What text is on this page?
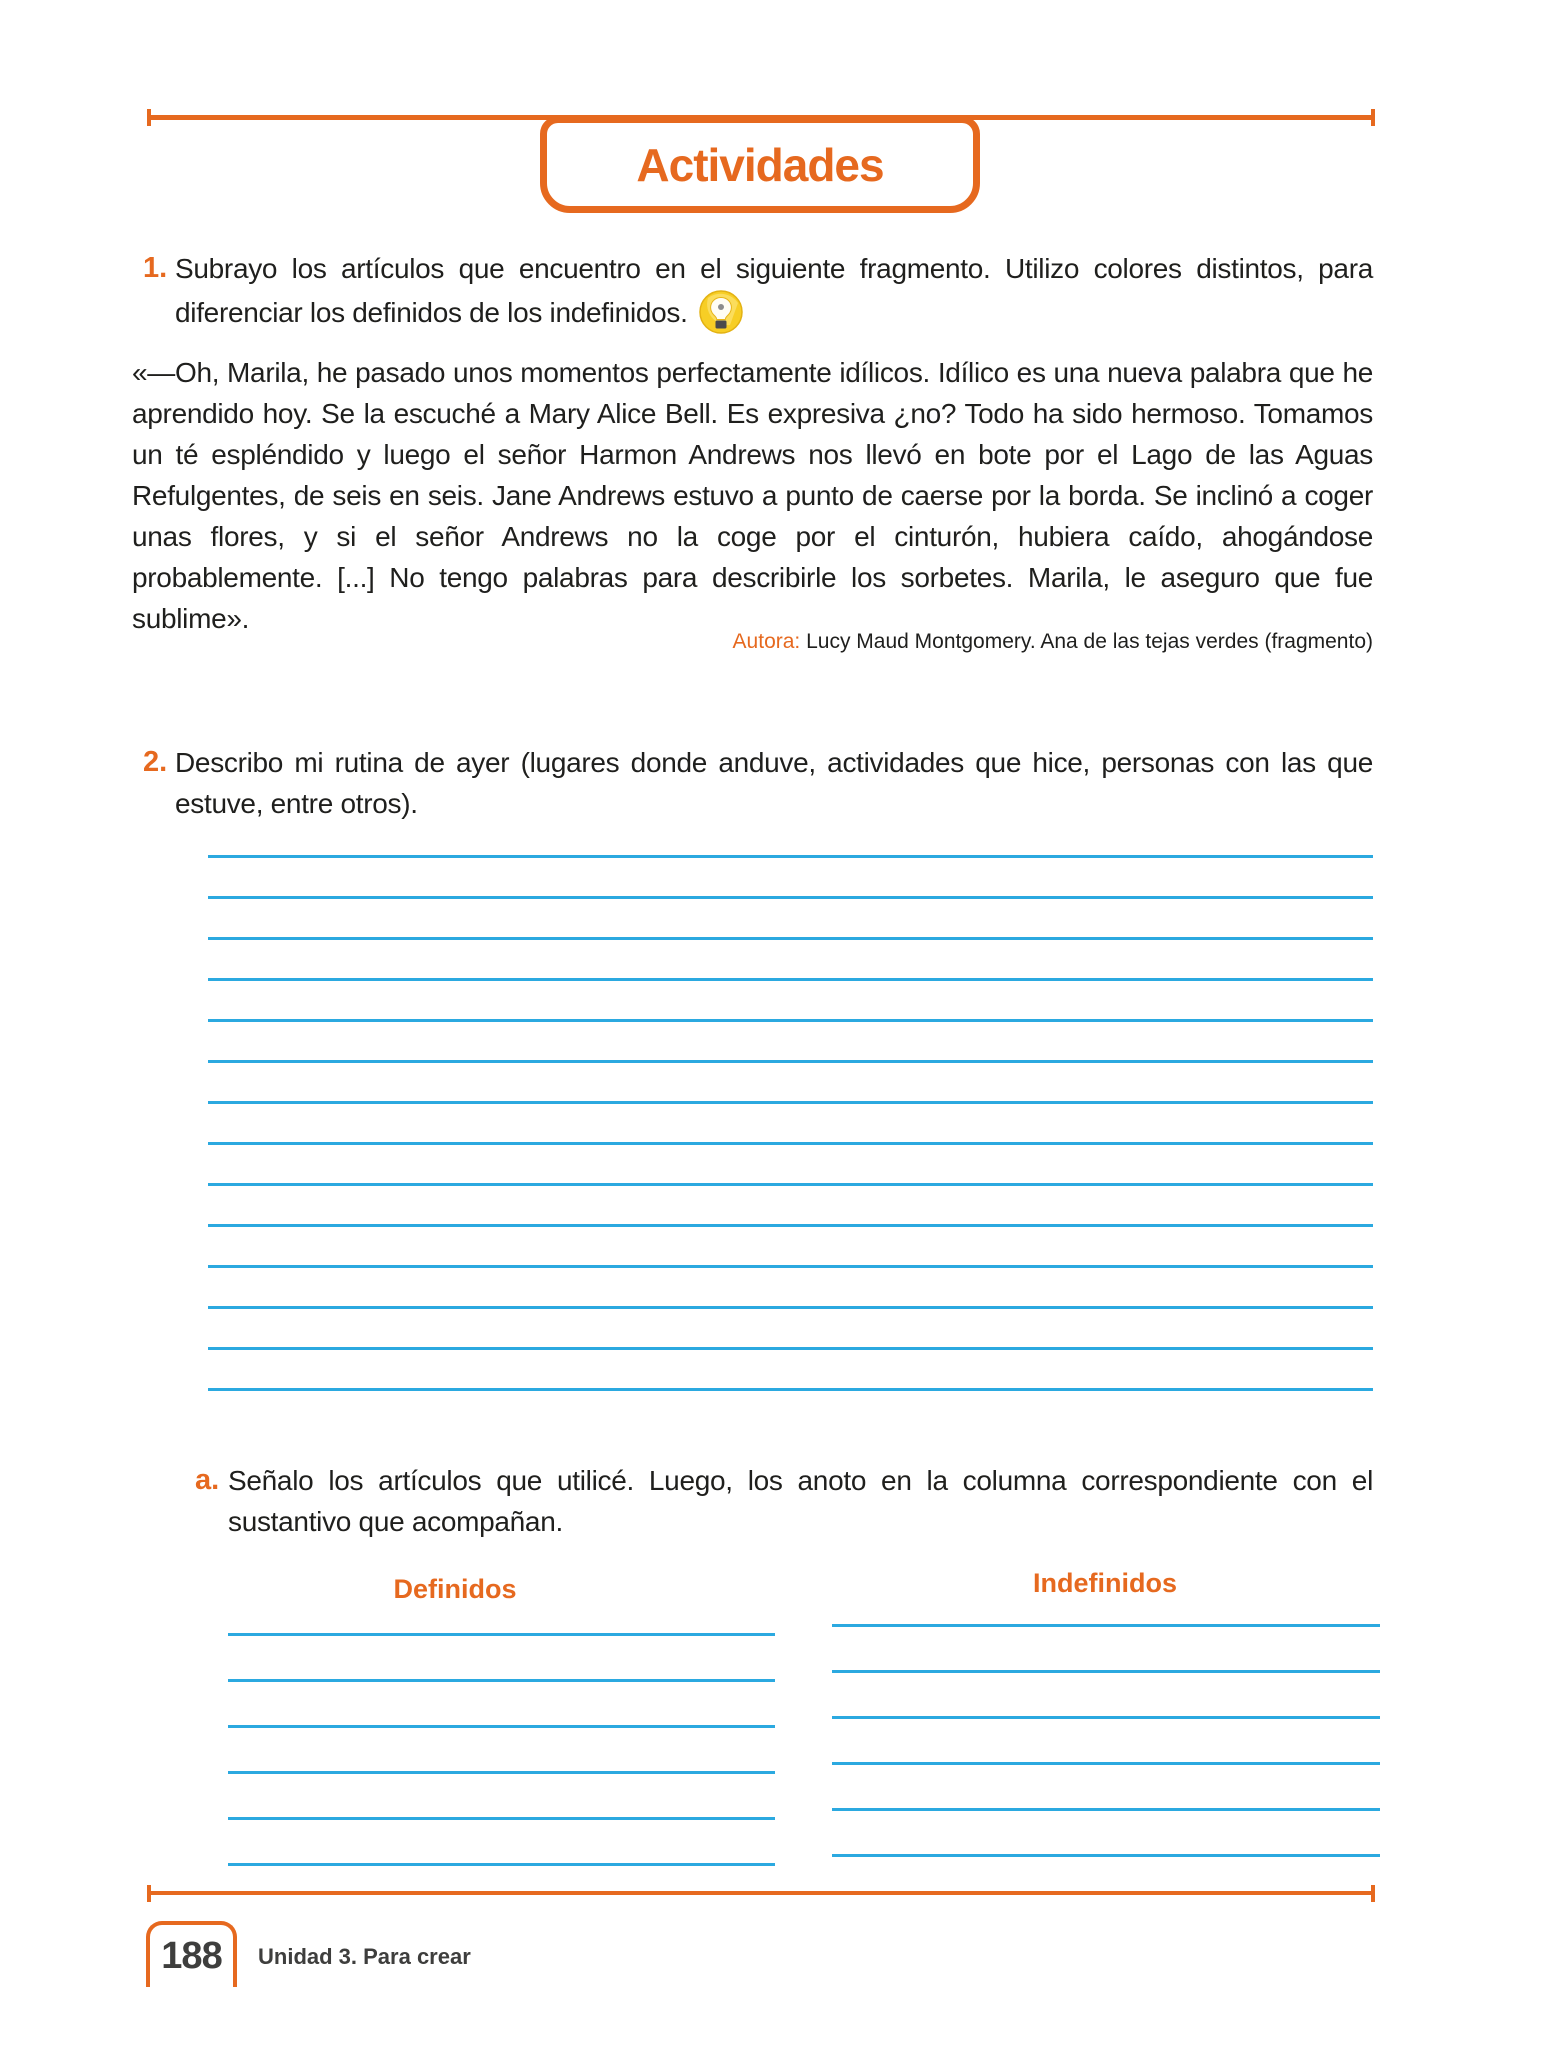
Actividades
1. Subrayo los artículos que encuentro en el siguiente fragmento. Utilizo colores distintos, para diferenciar los definidos de los indefinidos.
«—Oh, Marila, he pasado unos momentos perfectamente idílicos. Idílico es una nueva palabra que he aprendido hoy. Se la escuché a Mary Alice Bell. Es expresiva ¿no? Todo ha sido hermoso. Tomamos un té espléndido y luego el señor Harmon Andrews nos llevó en bote por el Lago de las Aguas Refulgentes, de seis en seis. Jane Andrews estuvo a punto de caerse por la borda. Se inclinó a coger unas flores, y si el señor Andrews no la coge por el cinturón, hubiera caído, ahogándose probablemente. [...] No tengo palabras para describirle los sorbetes. Marila, le aseguro que fue sublime».
Autora: Lucy Maud Montgomery. Ana de las tejas verdes (fragmento)
2. Describo mi rutina de ayer (lugares donde anduve, actividades que hice, personas con las que estuve, entre otros).
a. Señalo los artículos que utilicé. Luego, los anoto en la columna correspondiente con el sustantivo que acompañan.
Definidos	Indefinidos
188 Unidad 3. Para crear
